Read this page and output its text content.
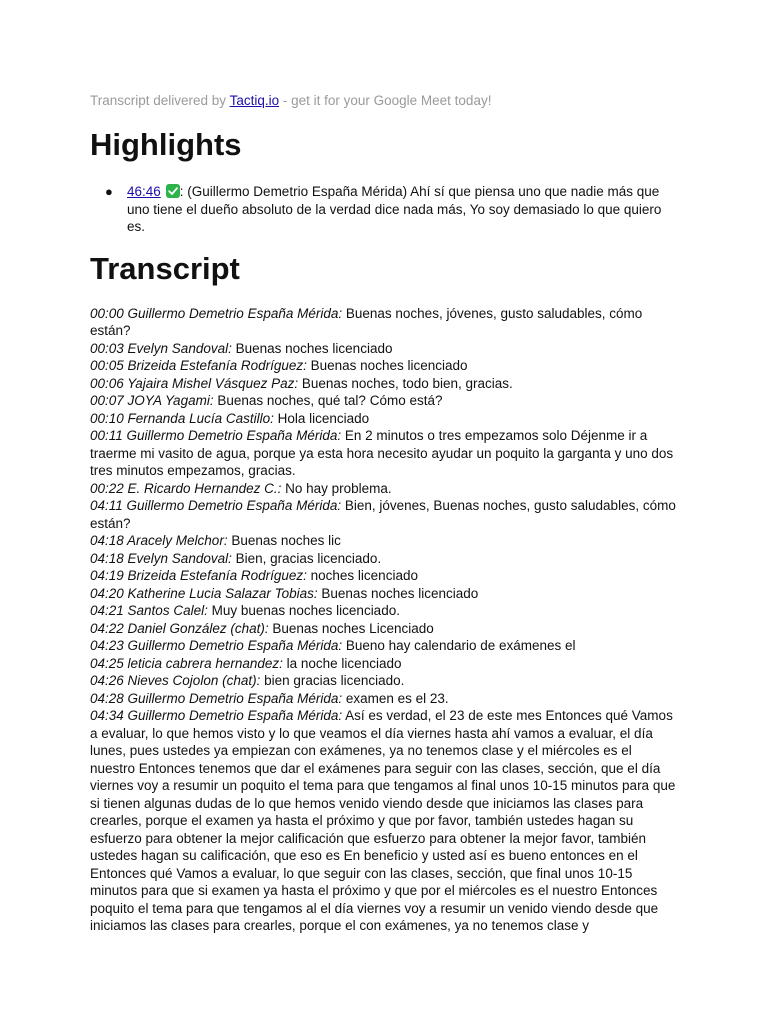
Transcript delivered by Tactiq.io - get it for your Google Meet today!

Highlights
● 46:46 : (Guillermo Demetrio España Mérida) Ahí sí que piensa uno que nadie más que uno tiene el dueño absoluto de la verdad dice nada más, Yo soy demasiado lo que quiero es.
Transcript

00:00 Guillermo Demetrio España Mérida: Buenas noches, jóvenes, gusto saludables, cómo están?

00:03 Evelyn Sandoval: Buenas noches licenciado

00:05 Brizeida Estefanía Rodríguez: Buenas noches licenciado

00:06 Yajaira Mishel Vásquez Paz: Buenas noches, todo bien, gracias.

00:07 JOYA Yagami: Buenas noches, qué tal? Cómo está?

00:10 Fernanda Lucía Castillo: Hola licenciado

00:11 Guillermo Demetrio España Mérida: En 2 minutos o tres empezamos solo Déjenme ir a traerme mi vasito de agua, porque ya esta hora necesito ayudar un poquito la garganta y uno dos tres minutos empezamos, gracias.

00:22 E. Ricardo Hernandez C.: No hay problema.

04:11 Guillermo Demetrio España Mérida: Bien, jóvenes, Buenas noches, gusto saludables, cómo están?

04:18 Aracely Melchor: Buenas noches lic

04:18 Evelyn Sandoval: Bien, gracias licenciado.

04:19 Brizeida Estefanía Rodríguez: noches licenciado

04:20 Katherine Lucia Salazar Tobias: Buenas noches licenciado

04:21 Santos Calel: Muy buenas noches licenciado.

04:22 Daniel González (chat): Buenas noches Licenciado

04:23 Guillermo Demetrio España Mérida: Bueno hay calendario de exámenes el

04:25 leticia cabrera hernandez: la noche licenciado

04:26 Nieves Cojolon (chat): bien gracias licenciado.

04:28 Guillermo Demetrio España Mérida: examen es el 23.

04:34 Guillermo Demetrio España Mérida: Así es verdad, el 23 de este mes Entonces qué Vamos a evaluar, lo que hemos visto y lo que veamos el día viernes hasta ahí vamos a evaluar, el día lunes, pues ustedes ya empiezan con exámenes, ya no tenemos clase y el miércoles es el nuestro Entonces tenemos que dar el exámenes para seguir con las clases, sección, que el día viernes voy a resumir un poquito el tema para que tengamos al final unos 10-15 minutos para que si tienen algunas dudas de lo que hemos venido viendo desde que iniciamos las clases para crearles, porque el examen ya hasta el próximo y que por favor, también ustedes hagan su esfuerzo para obtener la mejor calificación que esfuerzo para obtener la mejor favor, también ustedes hagan su calificación, que eso es En beneficio y usted así es bueno entonces en el Entonces qué Vamos a evaluar, lo que seguir con las clases, sección, que final unos 10-15 minutos para que si examen ya hasta el próximo y que por el miércoles es el nuestro Entonces poquito el tema para que tengamos al el día viernes voy a resumir un venido viendo desde que iniciamos las clases para crearles, porque el con exámenes, ya no tenemos clase y
